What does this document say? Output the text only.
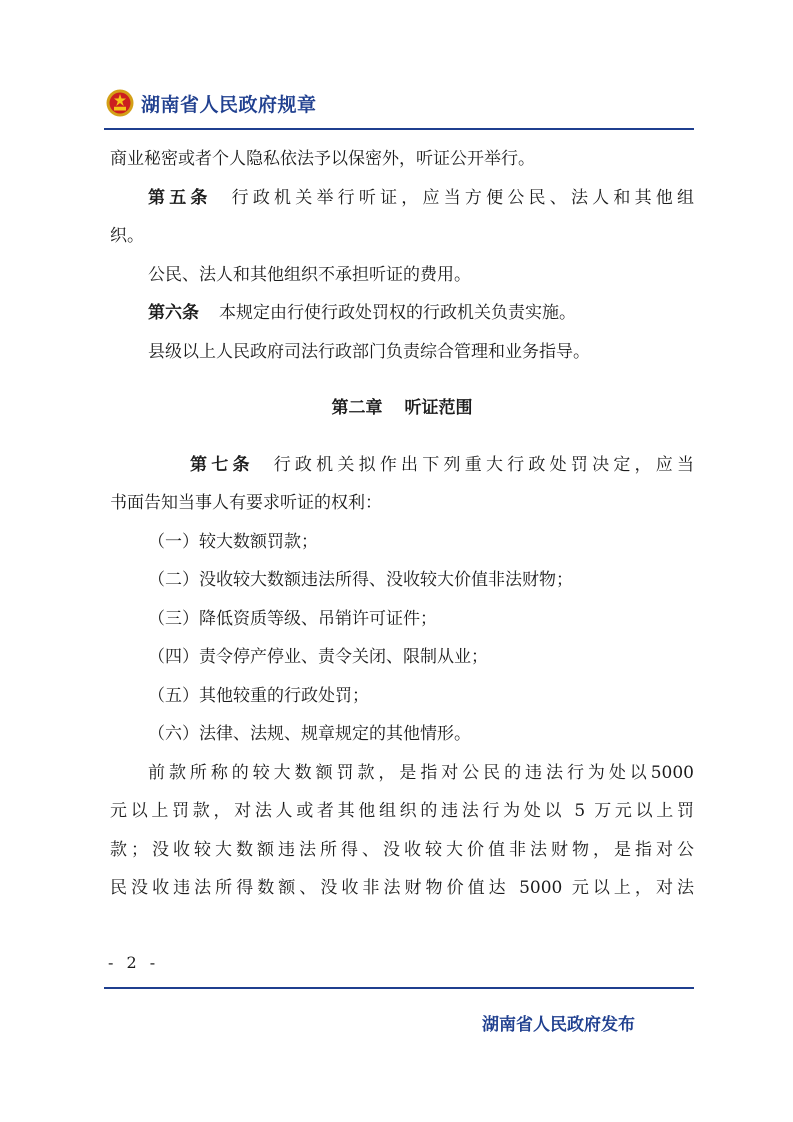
湖南省人民政府规章
商业秘密或者个人隐私依法予以保密外，听证公开举行。
第五条 行政机关举行听证，应当方便公民、法人和其他组
织。
公民、法人和其他组织不承担听证的费用。
第六条 本规定由行使行政处罚权的行政机关负责实施。
县级以上人民政府司法行政部门负责综合管理和业务指导。
第二章 听证范围
第七条 行政机关拟作出下列重大行政处罚决定，应当
书面告知当事人有要求听证的权利：
（一）较大数额罚款；
（二）没收较大数额违法所得、没收较大价值非法财物；
（三）降低资质等级、吊销许可证件；
（四）责令停产停业、责令关闭、限制从业；
（五）其他较重的行政处罚；
（六）法律、法规、规章规定的其他情形。
前款所称的较大数额罚款，是指对公民的违法行为处以5000
元以上罚款，对法人或者其他组织的违法行为处以 5 万元以上罚
款；没收较大数额违法所得、没收较大价值非法财物，是指对公
民没收违法所得数额、没收非法财物价值达 5000 元以上，对法
- 2 -
湖南省人民政府发布
